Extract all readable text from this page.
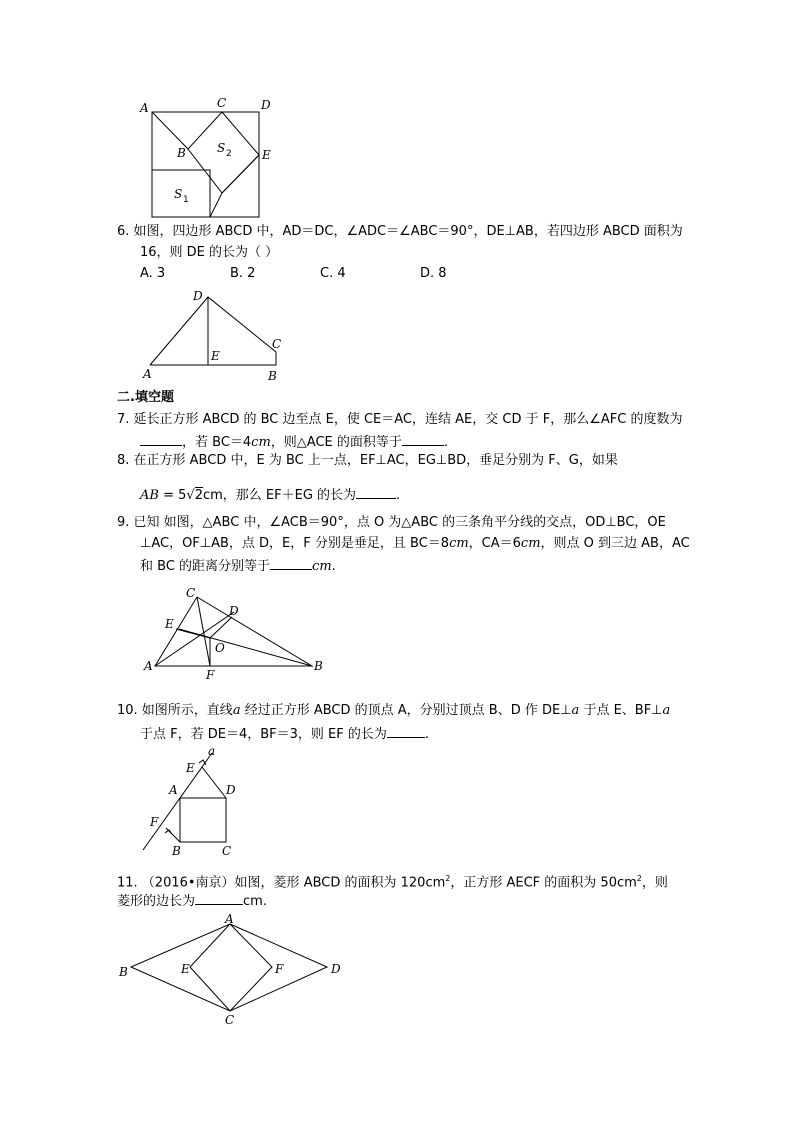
A	C	D
B	E
S 2
S 1
6. 如图，四边形 ABCD 中，AD＝DC，∠ADC＝∠ABC＝90°，DE⊥AB，若四边形 ABCD 面积为
16，则 DE 的长为（ ）
A. 3	B. 2	C. 4	D. 8
D
E
C
A	B
二.填空题
7. 延长正方形 ABCD 的 BC 边至点 E，使 CE＝AC，连结 AE，交 CD 于 F，那么∠AFC 的度数为
，若 BC＝4cm，则△ACE 的面积等于	.
8. 在正方形 ABCD 中，E 为 BC 上一点，EF⊥AC，EG⊥BD，垂足分别为 F、G，如果
AB = 5√2cm，那么 EF＋EG 的长为	.
9. 已知 如图，△ABC 中，∠ACB＝90°，点 O 为△ABC 的三条角平分线的交点，OD⊥BC，OE
⊥AC，OF⊥AB，点 D，E，F 分别是垂足，且 BC＝8cm，CA＝6cm，则点 O 到三边 AB，AC
和 BC 的距离分别等于	cm.
C
D
E
O
A
F
B
10. 如图所示，直线a 经过正方形 ABCD 的顶点 A，分别过顶点 B、D 作 DE⊥a 于点 E、BF⊥a
于点 F，若 DE＝4，BF＝3，则 EF 的长为	.
a
E
A	D
F
B	C
11. （2016•南京）如图，菱形 ABCD 的面积为 $120cm^2$，正方形 AECF 的面积为 $50cm^2$，则
菱形的边长为	cm.
A
B	E	F	D
C
